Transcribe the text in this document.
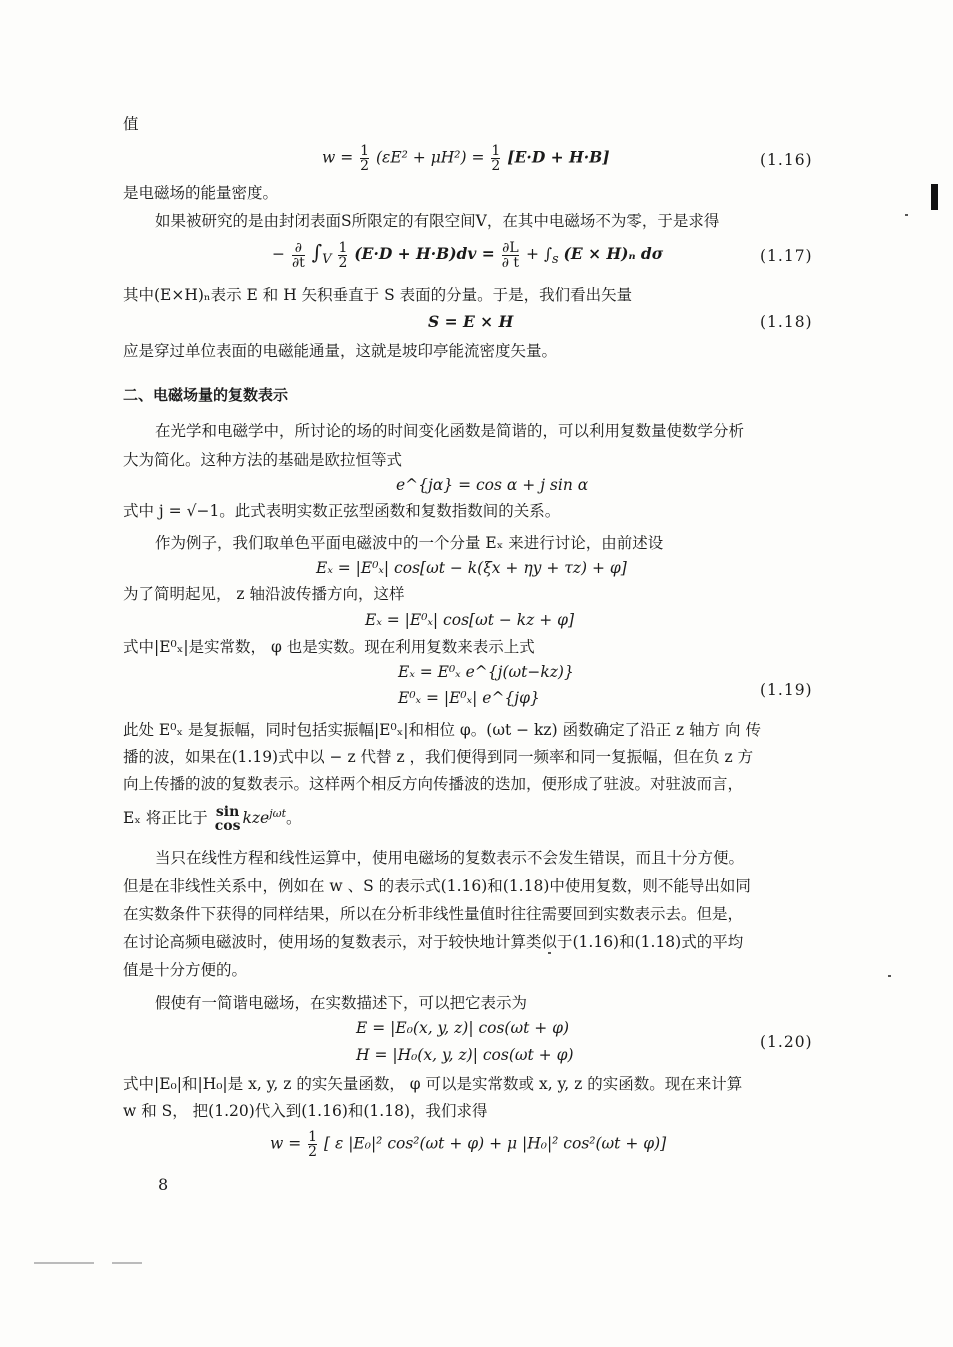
值
$w = \frac{1}{2} (\varepsilon E^2 + \mu H^2) = \frac{1}{2} [E\cdot D + H\cdot B]$	(1.16)
是电磁场的能量密度。
如果被研究的是由封闭表面S所限定的有限空间V，在其中电磁场不为零，于是求得
− $\frac{\partial}{\partial t} \int_V \frac{1}{2} (E\cdot D + H\cdot B)dv = \frac{\partial L}{\partial t} + \int_s$ (E × H)ₙ dσ	(1.17)
其中(E×H)ₙ表示 E 和 H 矢积垂直于 S 表面的分量。于是，我们看出矢量
S = E × H	(1.18)
应是穿过单位表面的电磁能通量，这就是坡印亭能流密度矢量。
二、电磁场量的复数表示
在光学和电磁学中，所讨论的场的时间变化函数是简谐的，可以利用复数量使数学分析
大为简化。这种方法的基础是欧拉恒等式
e^{jα} = cos α + j sin α
式中 j = √−1。此式表明实数正弦型函数和复数指数间的关系。
作为例子，我们取单色平面电磁波中的一个分量 Eₓ 来进行讨论，由前述设
Eₓ = |E⁰ₓ| cos[ωt − k(ξx + ηy + τz) + φ]
为了简明起见， z 轴沿波传播方向，这样
Eₓ = |E⁰ₓ| cos[ωt − kz + φ]
式中|E⁰ₓ|是实常数， φ 也是实数。现在利用复数来表示上式
Eₓ = E⁰ₓ e^{j(ωt−kz)}
E⁰ₓ = |E⁰ₓ| e^{jφ}	(1.19)
此处 E⁰ₓ 是复振幅，同时包括实振幅|E⁰ₓ|和相位 φ。(ωt − kz) 函数确定了沿正 z 轴方 向 传
播的波，如果在(1.19)式中以 − z 代替 z ，我们便得到同一频率和同一复振幅，但在负 z 方
向上传播的波的复数表示。这样两个相反方向传播波的迭加，便形成了驻波。对驻波而言，
Eₓ 将正比于 sin
cos kze$^{j\omega t}$。
当只在线性方程和线性运算中，使用电磁场的复数表示不会发生错误，而且十分方便。
但是在非线性关系中，例如在 w 、S 的表示式(1.16)和(1.18)中使用复数，则不能导出如同
在实数条件下获得的同样结果，所以在分析非线性量值时往往需要回到实数表示去。但是，
在讨论高频电磁波时，使用场的复数表示，对于较快地计算类似于(1.16)和(1.18)式的平均
值是十分方便的。
假使有一简谐电磁场，在实数描述下，可以把它表示为
E = |E₀(x, y, z)| cos(ωt + φ)
H = |H₀(x, y, z)| cos(ωt + φ)
(1.20)
式中|E₀|和|H₀|是 x, y, z 的实矢量函数， φ 可以是实常数或 x, y, z 的实函数。现在来计算
w 和 S， 把(1.20)代入到(1.16)和(1.18)，我们求得
$w = \frac{1}{2}$ [ ε |E₀|² cos²(ωt + φ) + μ |H₀|² cos²(ωt + φ)]
8
